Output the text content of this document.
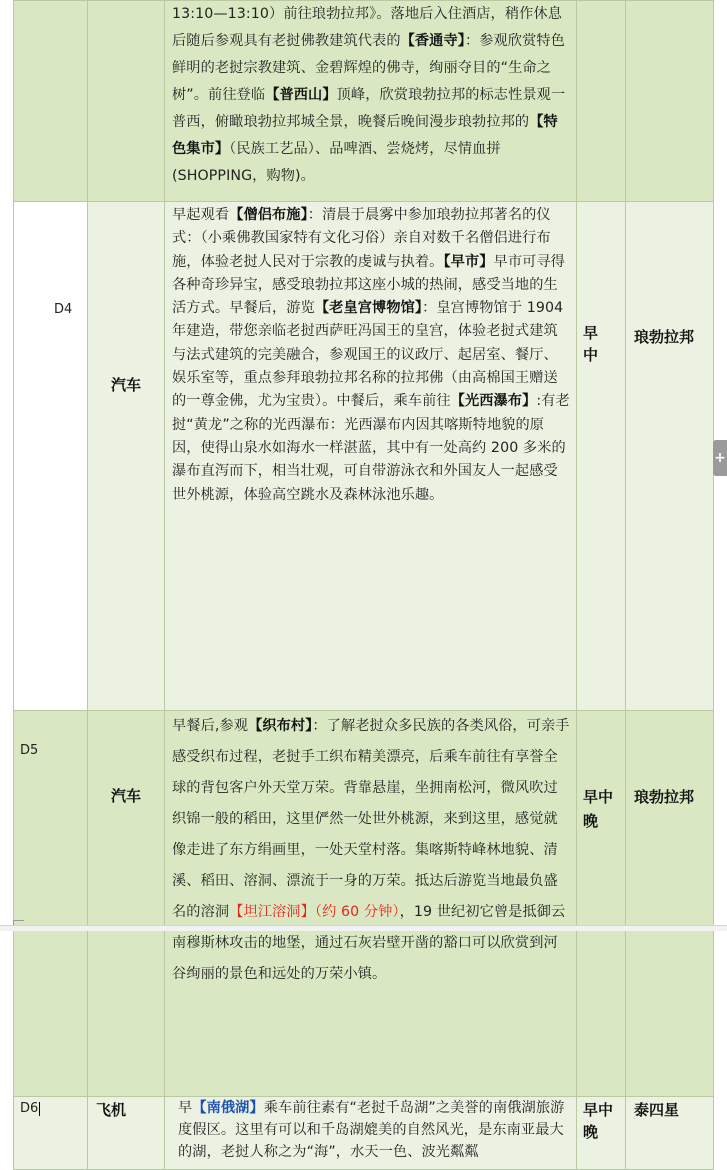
		13:10—13:10）前往琅勃拉邦》。落地后入住酒店，稍作休息后随后参观具有老挝佛教建筑代表的【香通寺】：参观欣赏特色鲜明的老挝宗教建筑、金碧辉煌的佛寺，绚丽夺目的“生命之树”。前往登临【普西山】顶峰，欣赏琅勃拉邦的标志性景观一普西，俯瞰琅勃拉邦城全景，晚餐后晚间漫步琅勃拉邦的【特色集市】（民族工艺品）、品啤酒、尝烧烤，尽情血拼(SHOPPING，购物)。		

D4	汽车	早起观看【僧侣布施】：清晨于晨雾中参加琅勃拉邦著名的仪式：（小乘佛教国家特有文化习俗）亲自对数千名僧侣进行布施，体验老挝人民对于宗教的虔诚与执着。【早市】早市可寻得各种奇珍异宝，感受琅勃拉邦这座小城的热闹，感受当地的生活方式。早餐后，游览【老皇宫博物馆】：皇宫博物馆于 1904 年建造，带您亲临老挝西萨旺冯国王的皇宫，体验老挝式建筑与法式建筑的完美融合，参观国王的议政厅、起居室、餐厅、娱乐室等，重点参拜琅勃拉邦名称的拉邦佛（由高棉国王赠送的一尊金佛，尤为宝贵）。中餐后，乘车前往【光西瀑布】:有老挝“黄龙”之称的光西瀑布：光西瀑布内因其喀斯特地貌的原因，使得山泉水如海水一样湛蓝，其中有一处高约 200 多米的瀑布直泻而下，相当壮观，可自带游泳衣和外国友人一起感受世外桃源，体验高空跳水及森林泳池乐趣。	早中	琅勃拉邦
D5	汽车	早餐后,参观【织布村】：了解老挝众多民族的各类风俗，可亲手感受织布过程，老挝手工织布精美漂亮，后乘车前往有享誉全球的背包客户外天堂万荣。背靠悬崖，坐拥南松河，微风吹过织锦一般的稻田，这里俨然一处世外桃源，来到这里，感觉就像走进了东方绢画里，一处天堂村落。集喀斯特峰林地貌、清溪、稻田、溶洞、漂流于一身的万荣。抵达后游览当地最负盛名的溶洞【坦江溶洞】（约 60 分钟），19 世纪初它曾是抵御云南穆斯林攻击的地堡，通过石灰岩壁开凿的豁口可以欣赏到河谷绚丽的景色和远处的万荣小镇。	早中晚	琅勃拉邦
D6	飞机	早【南俄湖】乘车前往素有“老挝千岛湖”之美誉的南俄湖旅游度假区。这里有可以和千岛湖媲美的自然风光，是东南亚最大的湖，老挝人称之为“海”，水天一色、波光粼粼	早中晚	泰四星
+
